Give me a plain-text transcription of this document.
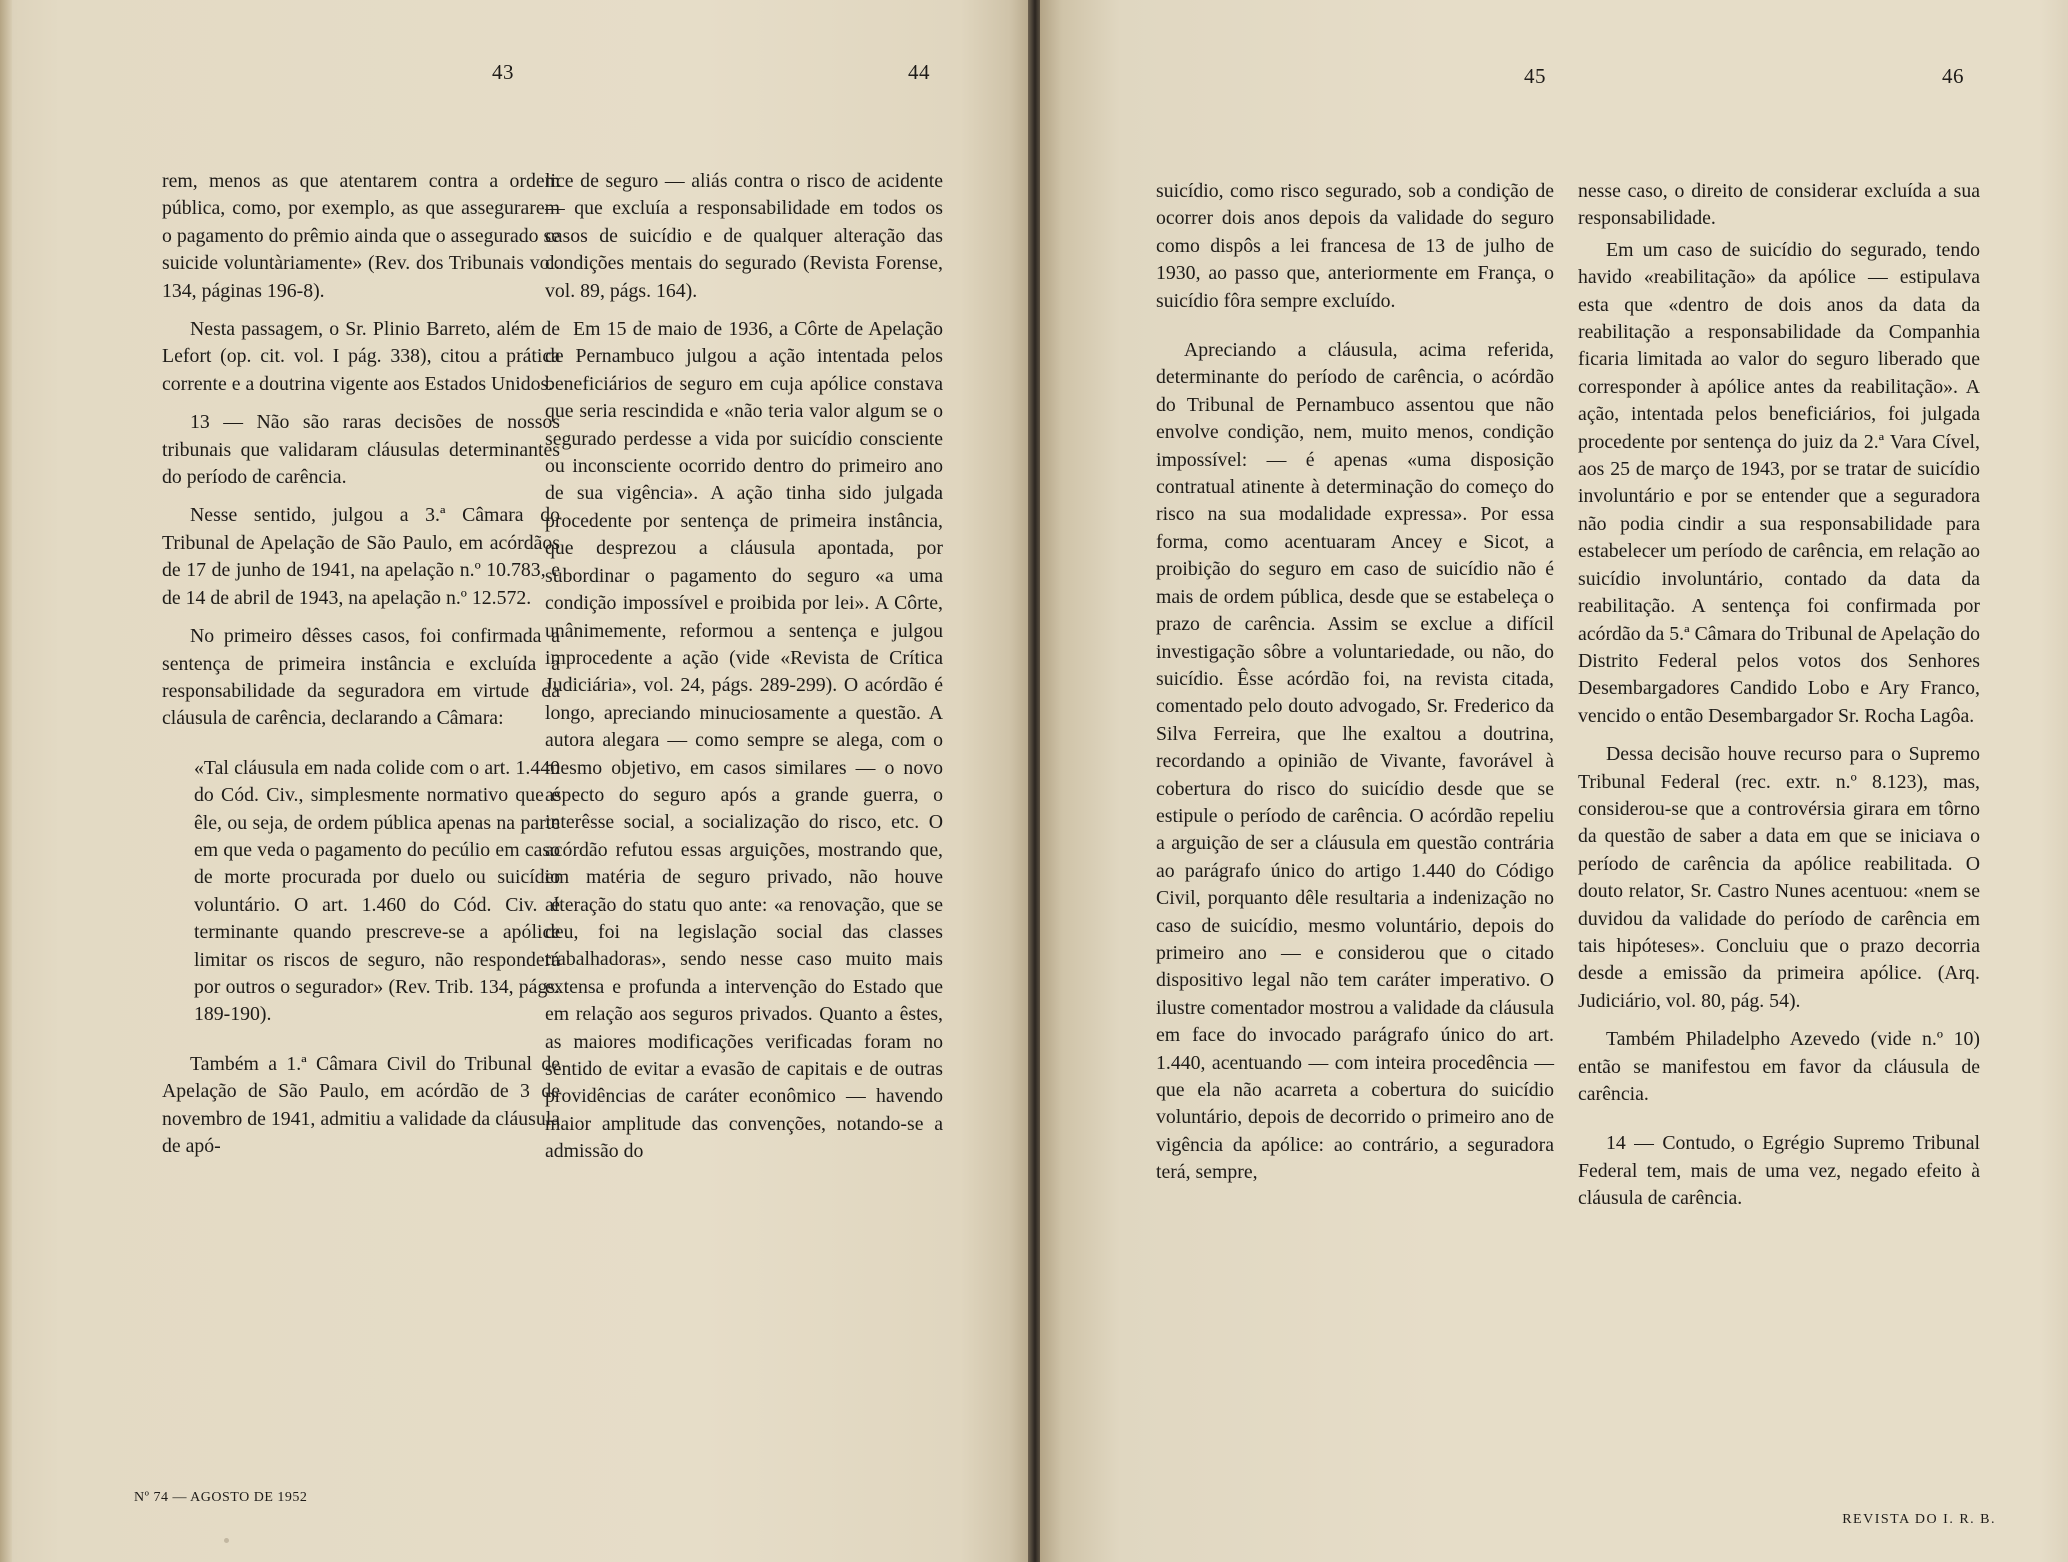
43	44

rem, menos as que atentarem contra a ordem pública, como, por exemplo, as que assegurarem o pagamento do prêmio ainda que o assegurado se suicide voluntàriamente» (Rev. dos Tribunais vol. 134, páginas 196-8).

Nesta passagem, o Sr. Plinio Barreto, além de Lefort (op. cit. vol. I pág. 338), citou a prática corrente e a doutrina vigente aos Estados Unidos.

13 — Não são raras decisões de nossos tribunais que validaram cláusulas determinantes do período de carência.

Nesse sentido, julgou a 3.ª Câmara do Tribunal de Apelação de São Paulo, em acórdãos de 17 de junho de 1941, na apelação n.º 10.783, e de 14 de abril de 1943, na apelação n.º 12.572.

No primeiro dêsses casos, foi confirmada a sentença de primeira instância e excluída a responsabilidade da seguradora em virtude da cláusula de carência, declarando a Câmara:

«Tal cláusula em nada colide com o art. 1.440 do Cód. Civ., simplesmente normativo que é êle, ou seja, de ordem pública apenas na parte em que veda o pagamento do pecúlio em caso de morte procurada por duelo ou suicídio voluntário. O art. 1.460 do Cód. Civ. é terminante quando prescreve-se a apólice limitar os riscos de seguro, não responderá por outros o segurador» (Rev. Trib. 134, págs. 189-190).

Também a 1.ª Câmara Civil do Tribunal de Apelação de São Paulo, em acórdão de 3 de novembro de 1941, admitiu a validade da cláusula de apó-

lice de seguro — aliás contra o risco de acidente — que excluía a responsabilidade em todos os casos de suicídio e de qualquer alteração das condições mentais do segurado (Revista Forense, vol. 89, págs. 164).

Em 15 de maio de 1936, a Côrte de Apelação de Pernambuco julgou a ação intentada pelos beneficiários de seguro em cuja apólice constava que seria rescindida e «não teria valor algum se o segurado perdesse a vida por suicídio consciente ou inconsciente ocorrido dentro do primeiro ano de sua vigência». A ação tinha sido julgada procedente por sentença de primeira instância, que desprezou a cláusula apontada, por subordinar o pagamento do seguro «a uma condição impossível e proibida por lei». A Côrte, unânimemente, reformou a sentença e julgou improcedente a ação (vide «Revista de Crítica Judiciária», vol. 24, págs. 289-299). O acórdão é longo, apreciando minuciosamente a questão. A autora alegara — como sempre se alega, com o mesmo objetivo, em casos similares — o novo aspecto do seguro após a grande guerra, o interêsse social, a socialização do risco, etc. O acórdão refutou essas arguições, mostrando que, em matéria de seguro privado, não houve alteração do statu quo ante: «a renovação, que se deu, foi na legislação social das classes trabalhadoras», sendo nesse caso muito mais extensa e profunda a intervenção do Estado que em relação aos seguros privados. Quanto a êstes, as maiores modificações verificadas foram no sentido de evitar a evasão de capitais e de outras providências de caráter econômico — havendo maior amplitude das convenções, notando-se a admissão do

Nº 74 — AGOSTO DE 1952
45	46

suicídio, como risco segurado, sob a condição de ocorrer dois anos depois da validade do seguro como dispôs a lei francesa de 13 de julho de 1930, ao passo que, anteriormente em França, o suicídio fôra sempre excluído.

Apreciando a cláusula, acima referida, determinante do período de carência, o acórdão do Tribunal de Pernambuco assentou que não envolve condição, nem, muito menos, condição impossível: — é apenas «uma disposição contratual atinente à determinação do começo do risco na sua modalidade expressa». Por essa forma, como acentuaram Ancey e Sicot, a proibição do seguro em caso de suicídio não é mais de ordem pública, desde que se estabeleça o prazo de carência. Assim se exclue a difícil investigação sôbre a voluntariedade, ou não, do suicídio. Êsse acórdão foi, na revista citada, comentado pelo douto advogado, Sr. Frederico da Silva Ferreira, que lhe exaltou a doutrina, recordando a opinião de Vivante, favorável à cobertura do risco do suicídio desde que se estipule o período de carência. O acórdão repeliu a arguição de ser a cláusula em questão contrária ao parágrafo único do artigo 1.440 do Código Civil, porquanto dêle resultaria a indenização no caso de suicídio, mesmo voluntário, depois do primeiro ano — e considerou que o citado dispositivo legal não tem caráter imperativo. O ilustre comentador mostrou a validade da cláusula em face do invocado parágrafo único do art. 1.440, acentuando — com inteira procedência — que ela não acarreta a cobertura do suicídio voluntário, depois de decorrido o primeiro ano de vigência da apólice: ao contrário, a seguradora terá, sempre,

nesse caso, o direito de considerar excluída a sua responsabilidade.

Em um caso de suicídio do segurado, tendo havido «reabilitação» da apólice — estipulava esta que «dentro de dois anos da data da reabilitação a responsabilidade da Companhia ficaria limitada ao valor do seguro liberado que corresponder à apólice antes da reabilitação». A ação, intentada pelos beneficiários, foi julgada procedente por sentença do juiz da 2.ª Vara Cível, aos 25 de março de 1943, por se tratar de suicídio involuntário e por se entender que a seguradora não podia cindir a sua responsabilidade para estabelecer um período de carência, em relação ao suicídio involuntário, contado da data da reabilitação. A sentença foi confirmada por acórdão da 5.ª Câmara do Tribunal de Apelação do Distrito Federal pelos votos dos Senhores Desembargadores Candido Lobo e Ary Franco, vencido o então Desembargador Sr. Rocha Lagôa.

Dessa decisão houve recurso para o Supremo Tribunal Federal (rec. extr. n.º 8.123), mas, considerou-se que a controvérsia girara em tôrno da questão de saber a data em que se iniciava o período de carência da apólice reabilitada. O douto relator, Sr. Castro Nunes acentuou: «nem se duvidou da validade do período de carência em tais hipóteses». Concluiu que o prazo decorria desde a emissão da primeira apólice. (Arq. Judiciário, vol. 80, pág. 54).

Também Philadelpho Azevedo (vide n.º 10) então se manifestou em favor da cláusula de carência.

14 — Contudo, o Egrégio Supremo Tribunal Federal tem, mais de uma vez, negado efeito à cláusula de carência.

REVISTA DO I. R. B.
